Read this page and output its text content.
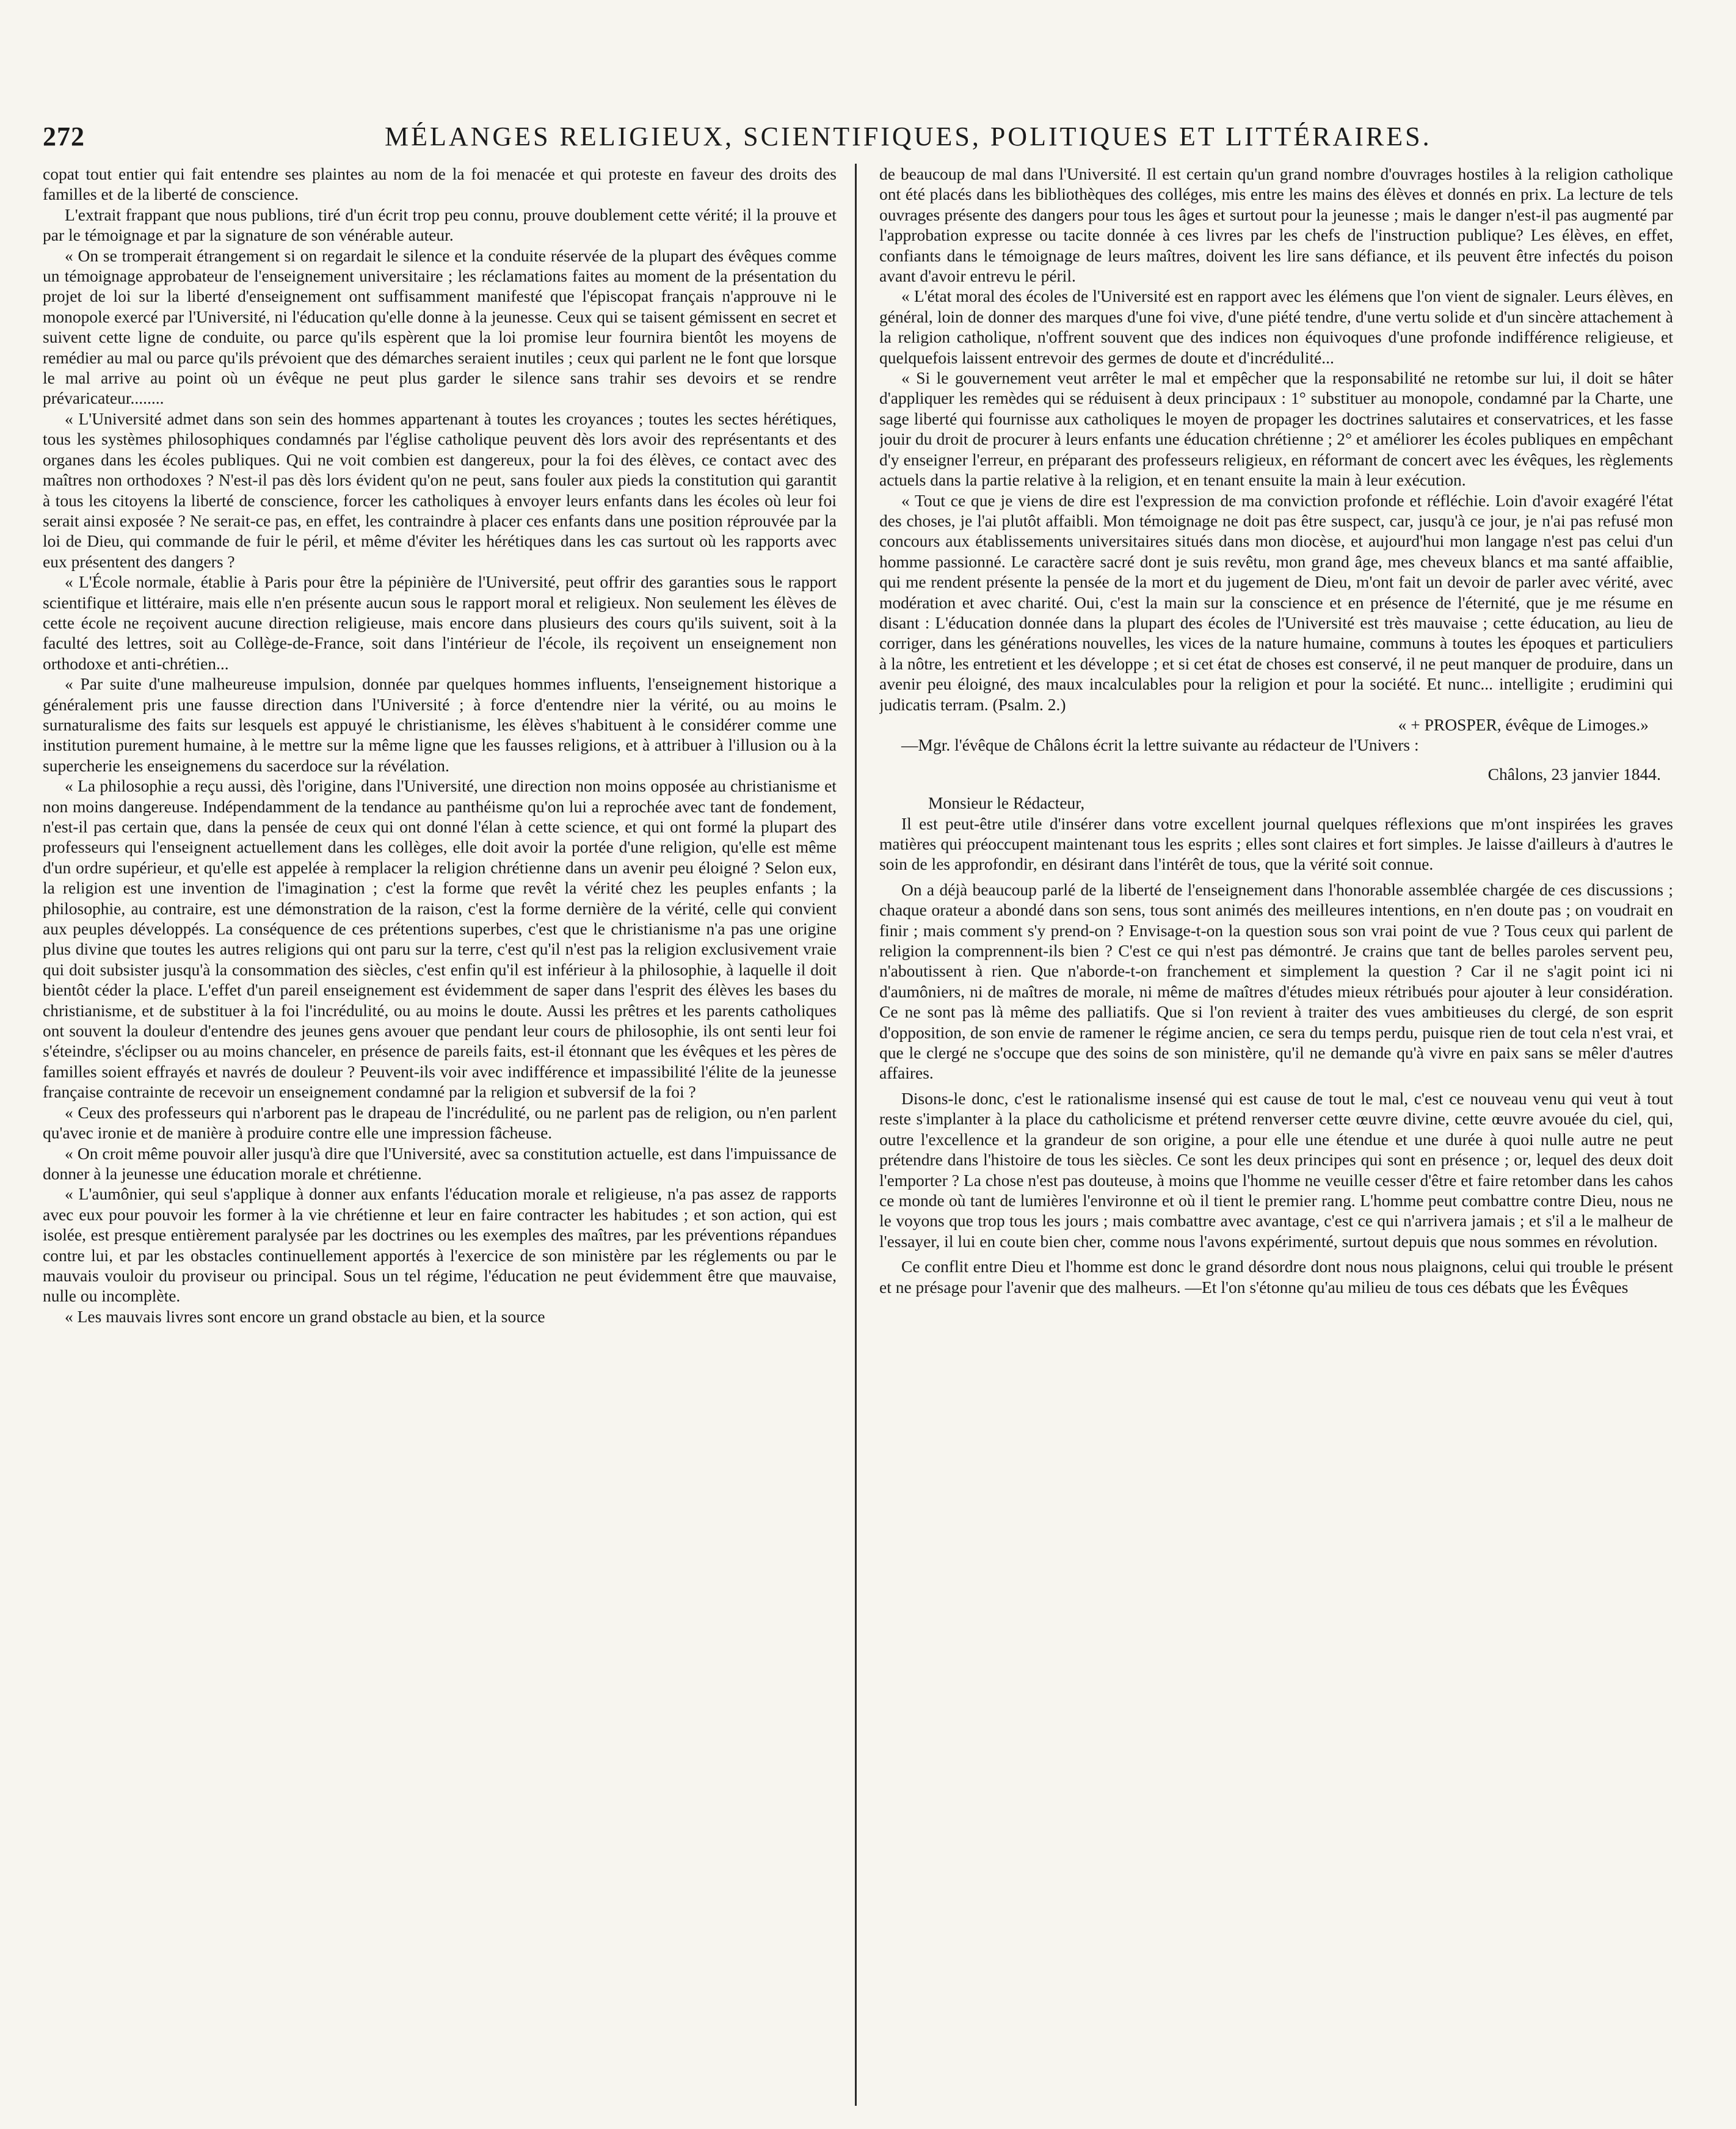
272	MÉLANGES RELIGIEUX, SCIENTIFIQUES, POLITIQUES ET LITTÉRAIRES.

copat tout entier qui fait entendre ses plaintes au nom de la foi menacée et qui proteste en faveur des droits des familles et de la liberté de conscience.

L'extrait frappant que nous publions, tiré d'un écrit trop peu connu, prouve doublement cette vérité; il la prouve et par le témoignage et par la signature de son vénérable auteur.

« On se tromperait étrangement si on regardait le silence et la conduite réservée de la plupart des évêques comme un témoignage approbateur de l'enseignement universitaire ; les réclamations faites au moment de la présentation du projet de loi sur la liberté d'enseignement ont suffisamment manifesté que l'épiscopat français n'approuve ni le monopole exercé par l'Université, ni l'éducation qu'elle donne à la jeunesse. Ceux qui se taisent gémissent en secret et suivent cette ligne de conduite, ou parce qu'ils espèrent que la loi promise leur fournira bientôt les moyens de remédier au mal ou parce qu'ils prévoient que des démarches seraient inutiles ; ceux qui parlent ne le font que lorsque le mal arrive au point où un évêque ne peut plus garder le silence sans trahir ses devoirs et se rendre prévaricateur........

« L'Université admet dans son sein des hommes appartenant à toutes les croyances ; toutes les sectes hérétiques, tous les systèmes philosophiques condamnés par l'église catholique peuvent dès lors avoir des représentants et des organes dans les écoles publiques. Qui ne voit combien est dangereux, pour la foi des élèves, ce contact avec des maîtres non orthodoxes ? N'est-il pas dès lors évident qu'on ne peut, sans fouler aux pieds la constitution qui garantit à tous les citoyens la liberté de conscience, forcer les catholiques à envoyer leurs enfants dans les écoles où leur foi serait ainsi exposée ? Ne serait-ce pas, en effet, les contraindre à placer ces enfants dans une position réprouvée par la loi de Dieu, qui commande de fuir le péril, et même d'éviter les hérétiques dans les cas surtout où les rapports avec eux présentent des dangers ?

« L'École normale, établie à Paris pour être la pépinière de l'Université, peut offrir des garanties sous le rapport scientifique et littéraire, mais elle n'en présente aucun sous le rapport moral et religieux. Non seulement les élèves de cette école ne reçoivent aucune direction religieuse, mais encore dans plusieurs des cours qu'ils suivent, soit à la faculté des lettres, soit au Collège-de-France, soit dans l'intérieur de l'école, ils reçoivent un enseignement non orthodoxe et anti-chrétien...

« Par suite d'une malheureuse impulsion, donnée par quelques hommes influents, l'enseignement historique a généralement pris une fausse direction dans l'Université ; à force d'entendre nier la vérité, ou au moins le surnaturalisme des faits sur lesquels est appuyé le christianisme, les élèves s'habituent à le considérer comme une institution purement humaine, à le mettre sur la même ligne que les fausses religions, et à attribuer à l'illusion ou à la supercherie les enseignemens du sacerdoce sur la révélation.

« La philosophie a reçu aussi, dès l'origine, dans l'Université, une direction non moins opposée au christianisme et non moins dangereuse. Indépendamment de la tendance au panthéisme qu'on lui a reprochée avec tant de fondement, n'est-il pas certain que, dans la pensée de ceux qui ont donné l'élan à cette science, et qui ont formé la plupart des professeurs qui l'enseignent actuellement dans les collèges, elle doit avoir la portée d'une religion, qu'elle est même d'un ordre supérieur, et qu'elle est appelée à remplacer la religion chrétienne dans un avenir peu éloigné ? Selon eux, la religion est une invention de l'imagination ; c'est la forme que revêt la vérité chez les peuples enfants ; la philosophie, au contraire, est une démonstration de la raison, c'est la forme dernière de la vérité, celle qui convient aux peuples développés. La conséquence de ces prétentions superbes, c'est que le christianisme n'a pas une origine plus divine que toutes les autres religions qui ont paru sur la terre, c'est qu'il n'est pas la religion exclusivement vraie qui doit subsister jusqu'à la consommation des siècles, c'est enfin qu'il est inférieur à la philosophie, à laquelle il doit bientôt céder la place. L'effet d'un pareil enseignement est évidemment de saper dans l'esprit des élèves les bases du christianisme, et de substituer à la foi l'incrédulité, ou au moins le doute. Aussi les prêtres et les parents catholiques ont souvent la douleur d'entendre des jeunes gens avouer que pendant leur cours de philosophie, ils ont senti leur foi s'éteindre, s'éclipser ou au moins chanceler, en présence de pareils faits, est-il étonnant que les évêques et les pères de familles soient effrayés et navrés de douleur ? Peuvent-ils voir avec indifférence et impassibilité l'élite de la jeunesse française contrainte de recevoir un enseignement condamné par la religion et subversif de la foi ?

« Ceux des professeurs qui n'arborent pas le drapeau de l'incrédulité, ou ne parlent pas de religion, ou n'en parlent qu'avec ironie et de manière à produire contre elle une impression fâcheuse.

« On croit même pouvoir aller jusqu'à dire que l'Université, avec sa constitution actuelle, est dans l'impuissance de donner à la jeunesse une éducation morale et chrétienne.

« L'aumônier, qui seul s'applique à donner aux enfants l'éducation morale et religieuse, n'a pas assez de rapports avec eux pour pouvoir les former à la vie chrétienne et leur en faire contracter les habitudes ; et son action, qui est isolée, est presque entièrement paralysée par les doctrines ou les exemples des maîtres, par les préventions répandues contre lui, et par les obstacles continuellement apportés à l'exercice de son ministère par les réglements ou par le mauvais vouloir du proviseur ou principal. Sous un tel régime, l'éducation ne peut évidemment être que mauvaise, nulle ou incomplète.

« Les mauvais livres sont encore un grand obstacle au bien, et la source

de beaucoup de mal dans l'Université. Il est certain qu'un grand nombre d'ouvrages hostiles à la religion catholique ont été placés dans les bibliothèques des colléges, mis entre les mains des élèves et donnés en prix. La lecture de tels ouvrages présente des dangers pour tous les âges et surtout pour la jeunesse ; mais le danger n'est-il pas augmenté par l'approbation expresse ou tacite donnée à ces livres par les chefs de l'instruction publique? Les élèves, en effet, confiants dans le témoignage de leurs maîtres, doivent les lire sans défiance, et ils peuvent être infectés du poison avant d'avoir entrevu le péril.

« L'état moral des écoles de l'Université est en rapport avec les élémens que l'on vient de signaler. Leurs élèves, en général, loin de donner des marques d'une foi vive, d'une piété tendre, d'une vertu solide et d'un sincère attachement à la religion catholique, n'offrent souvent que des indices non équivoques d'une profonde indifférence religieuse, et quelquefois laissent entrevoir des germes de doute et d'incrédulité...

« Si le gouvernement veut arrêter le mal et empêcher que la responsabilité ne retombe sur lui, il doit se hâter d'appliquer les remèdes qui se réduisent à deux principaux : 1° substituer au monopole, condamné par la Charte, une sage liberté qui fournisse aux catholiques le moyen de propager les doctrines salutaires et conservatrices, et les fasse jouir du droit de procurer à leurs enfants une éducation chrétienne ; 2° et améliorer les écoles publiques en empêchant d'y enseigner l'erreur, en préparant des professeurs religieux, en réformant de concert avec les évêques, les règlements actuels dans la partie relative à la religion, et en tenant ensuite la main à leur exécution.

« Tout ce que je viens de dire est l'expression de ma conviction profonde et réfléchie. Loin d'avoir exagéré l'état des choses, je l'ai plutôt affaibli. Mon témoignage ne doit pas être suspect, car, jusqu'à ce jour, je n'ai pas refusé mon concours aux établissements universitaires situés dans mon diocèse, et aujourd'hui mon langage n'est pas celui d'un homme passionné. Le caractère sacré dont je suis revêtu, mon grand âge, mes cheveux blancs et ma santé affaiblie, qui me rendent présente la pensée de la mort et du jugement de Dieu, m'ont fait un devoir de parler avec vérité, avec modération et avec charité. Oui, c'est la main sur la conscience et en présence de l'éternité, que je me résume en disant : L'éducation donnée dans la plupart des écoles de l'Université est très mauvaise ; cette éducation, au lieu de corriger, dans les générations nouvelles, les vices de la nature humaine, communs à toutes les époques et particuliers à la nôtre, les entretient et les développe ; et si cet état de choses est conservé, il ne peut manquer de produire, dans un avenir peu éloigné, des maux incalculables pour la religion et pour la société. Et nunc... intelligite ; erudimini qui judicatis terram. (Psalm. 2.)

« + PROSPER, évêque de Limoges.»

—Mgr. l'évêque de Châlons écrit la lettre suivante au rédacteur de l'Univers :

Châlons, 23 janvier 1844.

Monsieur le Rédacteur,

Il est peut-être utile d'insérer dans votre excellent journal quelques réflexions que m'ont inspirées les graves matières qui préoccupent maintenant tous les esprits ; elles sont claires et fort simples. Je laisse d'ailleurs à d'autres le soin de les approfondir, en désirant dans l'intérêt de tous, que la vérité soit connue.

On a déjà beaucoup parlé de la liberté de l'enseignement dans l'honorable assemblée chargée de ces discussions ; chaque orateur a abondé dans son sens, tous sont animés des meilleures intentions, en n'en doute pas ; on voudrait en finir ; mais comment s'y prend-on ? Envisage-t-on la question sous son vrai point de vue ? Tous ceux qui parlent de religion la comprennent-ils bien ? C'est ce qui n'est pas démontré. Je crains que tant de belles paroles servent peu, n'aboutissent à rien. Que n'aborde-t-on franchement et simplement la question ? Car il ne s'agit point ici ni d'aumôniers, ni de maîtres de morale, ni même de maîtres d'études mieux rétribués pour ajouter à leur considération. Ce ne sont pas là même des palliatifs. Que si l'on revient à traiter des vues ambitieuses du clergé, de son esprit d'opposition, de son envie de ramener le régime ancien, ce sera du temps perdu, puisque rien de tout cela n'est vrai, et que le clergé ne s'occupe que des soins de son ministère, qu'il ne demande qu'à vivre en paix sans se mêler d'autres affaires.

Disons-le donc, c'est le rationalisme insensé qui est cause de tout le mal, c'est ce nouveau venu qui veut à tout reste s'implanter à la place du catholicisme et prétend renverser cette œuvre divine, cette œuvre avouée du ciel, qui, outre l'excellence et la grandeur de son origine, a pour elle une étendue et une durée à quoi nulle autre ne peut prétendre dans l'histoire de tous les siècles. Ce sont les deux principes qui sont en présence ; or, lequel des deux doit l'emporter ? La chose n'est pas douteuse, à moins que l'homme ne veuille cesser d'être et faire retomber dans les cahos ce monde où tant de lumières l'environne et où il tient le premier rang. L'homme peut combattre contre Dieu, nous ne le voyons que trop tous les jours ; mais combattre avec avantage, c'est ce qui n'arrivera jamais ; et s'il a le malheur de l'essayer, il lui en coute bien cher, comme nous l'avons expérimenté, surtout depuis que nous sommes en révolution.

Ce conflit entre Dieu et l'homme est donc le grand désordre dont nous nous plaignons, celui qui trouble le présent et ne présage pour l'avenir que des malheurs. —Et l'on s'étonne qu'au milieu de tous ces débats que les Évêques
